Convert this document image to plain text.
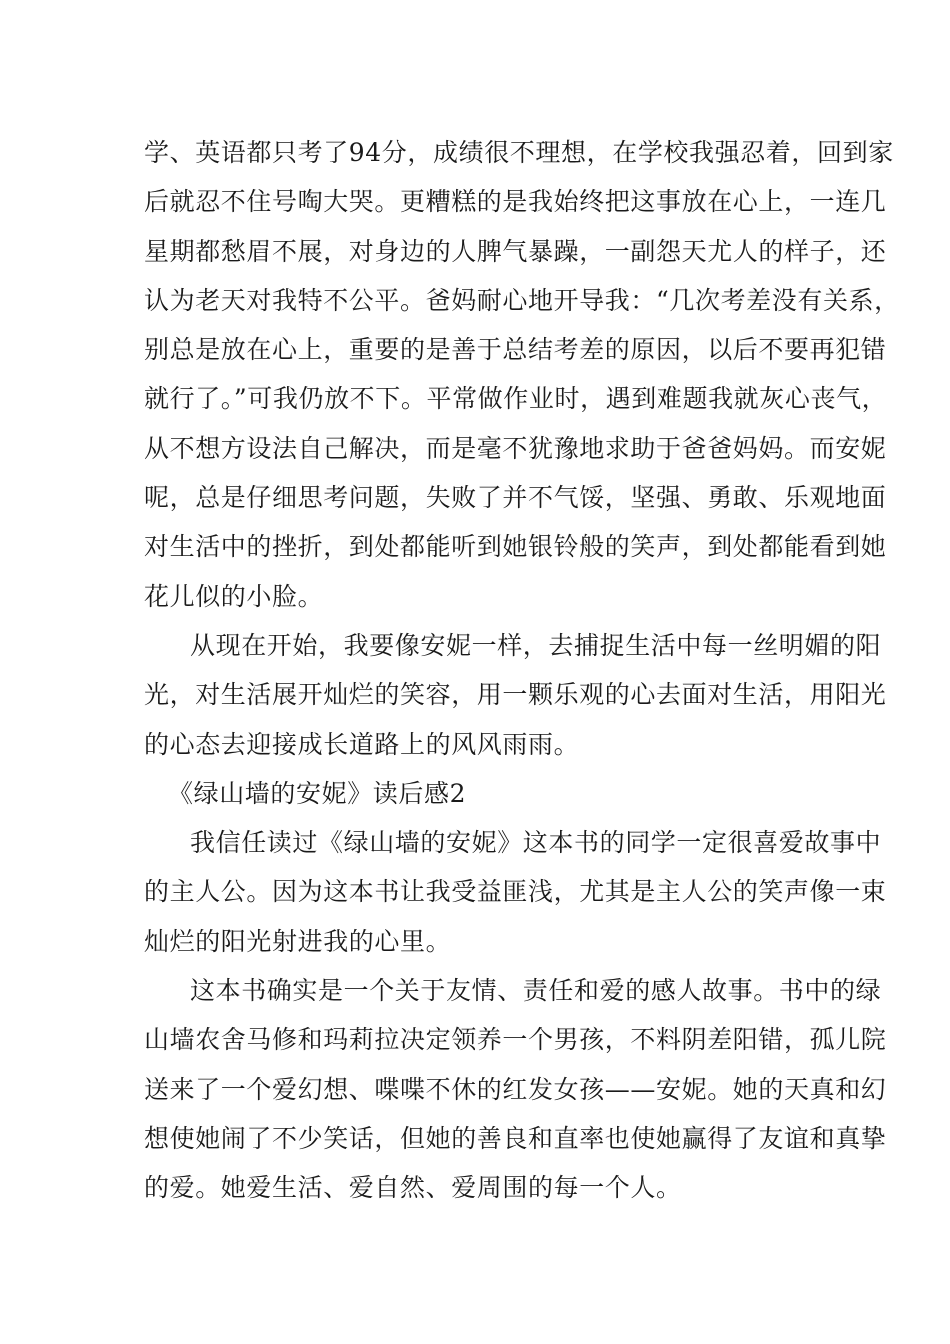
学、英语都只考了94分，成绩很不理想，在学校我强忍着，回到家
后就忍不住号啕大哭。更糟糕的是我始终把这事放在心上，一连几
星期都愁眉不展，对身边的人脾气暴躁，一副怨天尤人的样子，还
认为老天对我特不公平。爸妈耐心地开导我：“几次考差没有关系，
别总是放在心上，重要的是善于总结考差的原因，以后不要再犯错
就行了。”可我仍放不下。平常做作业时，遇到难题我就灰心丧气，
从不想方设法自己解决，而是毫不犹豫地求助于爸爸妈妈。而安妮
呢，总是仔细思考问题，失败了并不气馁，坚强、勇敢、乐观地面
对生活中的挫折，到处都能听到她银铃般的笑声，到处都能看到她
花儿似的小脸。
从现在开始，我要像安妮一样，去捕捉生活中每一丝明媚的阳
光，对生活展开灿烂的笑容，用一颗乐观的心去面对生活，用阳光
的心态去迎接成长道路上的风风雨雨。
《绿山墙的安妮》读后感2
我信任读过《绿山墙的安妮》这本书的同学一定很喜爱故事中
的主人公。因为这本书让我受益匪浅，尤其是主人公的笑声像一束
灿烂的阳光射进我的心里。
这本书确实是一个关于友情、责任和爱的感人故事。书中的绿
山墙农舍马修和玛莉拉决定领养一个男孩，不料阴差阳错，孤儿院
送来了一个爱幻想、喋喋不休的红发女孩——安妮。她的天真和幻
想使她闹了不少笑话，但她的善良和直率也使她赢得了友谊和真挚
的爱。她爱生活、爱自然、爱周围的每一个人。
